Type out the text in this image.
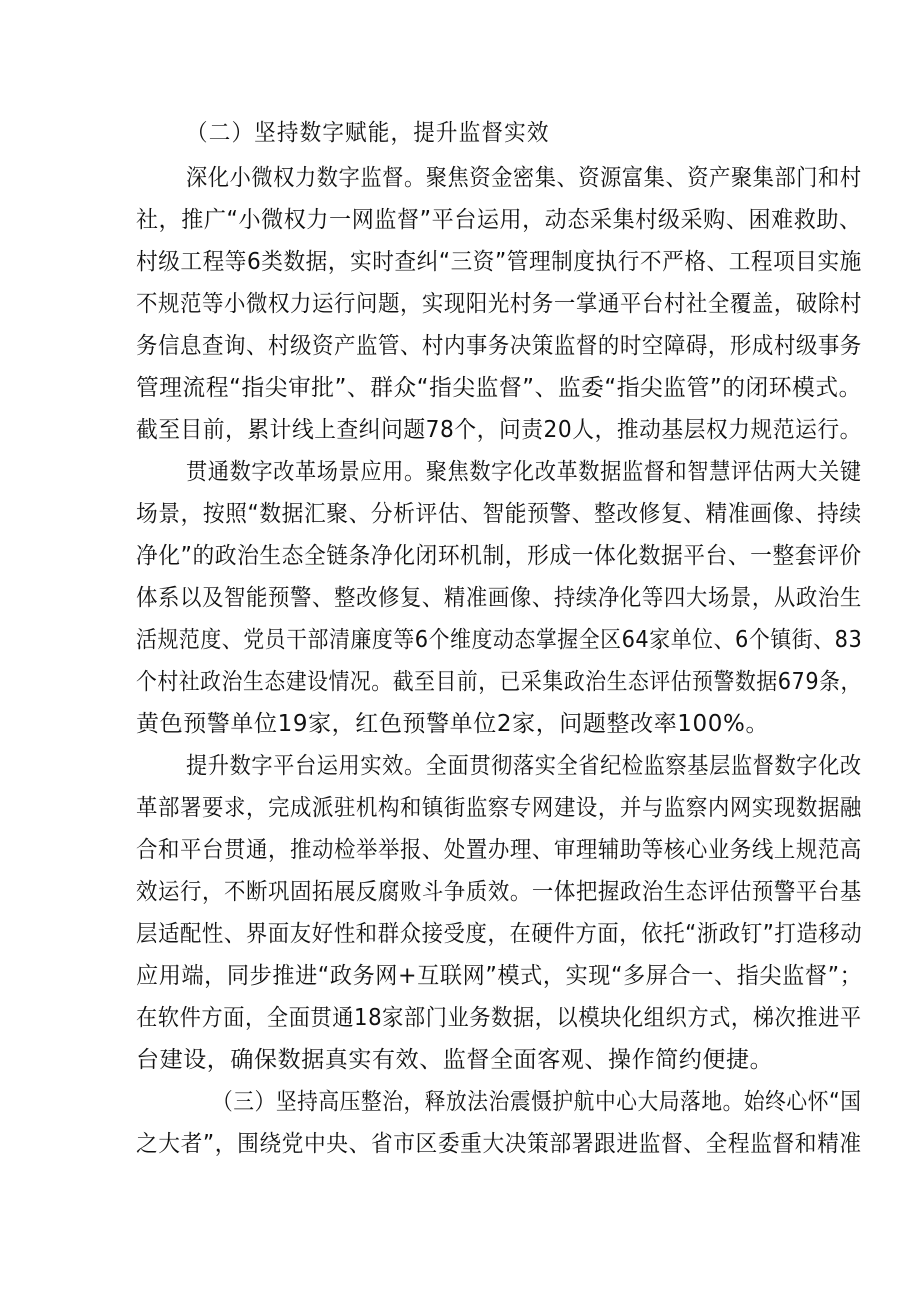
（二）坚持数字赋能，提升监督实效
深化小微权力数字监督。聚焦资金密集、资源富集、资产聚集部门和村
社，推广“小微权力一网监督”平台运用，动态采集村级采购、困难救助、
村级工程等6类数据，实时查纠“三资”管理制度执行不严格、工程项目实施
不规范等小微权力运行问题，实现阳光村务一掌通平台村社全覆盖，破除村
务信息查询、村级资产监管、村内事务决策监督的时空障碍，形成村级事务
管理流程“指尖审批”、群众“指尖监督”、监委“指尖监管”的闭环模式。
截至目前，累计线上查纠问题78个，问责20人，推动基层权力规范运行。
贯通数字改革场景应用。聚焦数字化改革数据监督和智慧评估两大关键
场景，按照“数据汇聚、分析评估、智能预警、整改修复、精准画像、持续
净化”的政治生态全链条净化闭环机制，形成一体化数据平台、一整套评价
体系以及智能预警、整改修复、精准画像、持续净化等四大场景，从政治生
活规范度、党员干部清廉度等6个维度动态掌握全区64家单位、6个镇街、83
个村社政治生态建设情况。截至目前，已采集政治生态评估预警数据679条，
黄色预警单位19家，红色预警单位2家，问题整改率100%。
提升数字平台运用实效。全面贯彻落实全省纪检监察基层监督数字化改
革部署要求，完成派驻机构和镇街监察专网建设，并与监察内网实现数据融
合和平台贯通，推动检举举报、处置办理、审理辅助等核心业务线上规范高
效运行，不断巩固拓展反腐败斗争质效。一体把握政治生态评估预警平台基
层适配性、界面友好性和群众接受度，在硬件方面，依托“浙政钉”打造移动
应用端，同步推进“政务网+互联网”模式，实现“多屏合一、指尖监督”；
在软件方面，全面贯通18家部门业务数据，以模块化组织方式，梯次推进平
台建设，确保数据真实有效、监督全面客观、操作简约便捷。
（三）坚持高压整治，释放法治震慑护航中心大局落地。始终心怀“国
之大者”，围绕党中央、省市区委重大决策部署跟进监督、全程监督和精准
